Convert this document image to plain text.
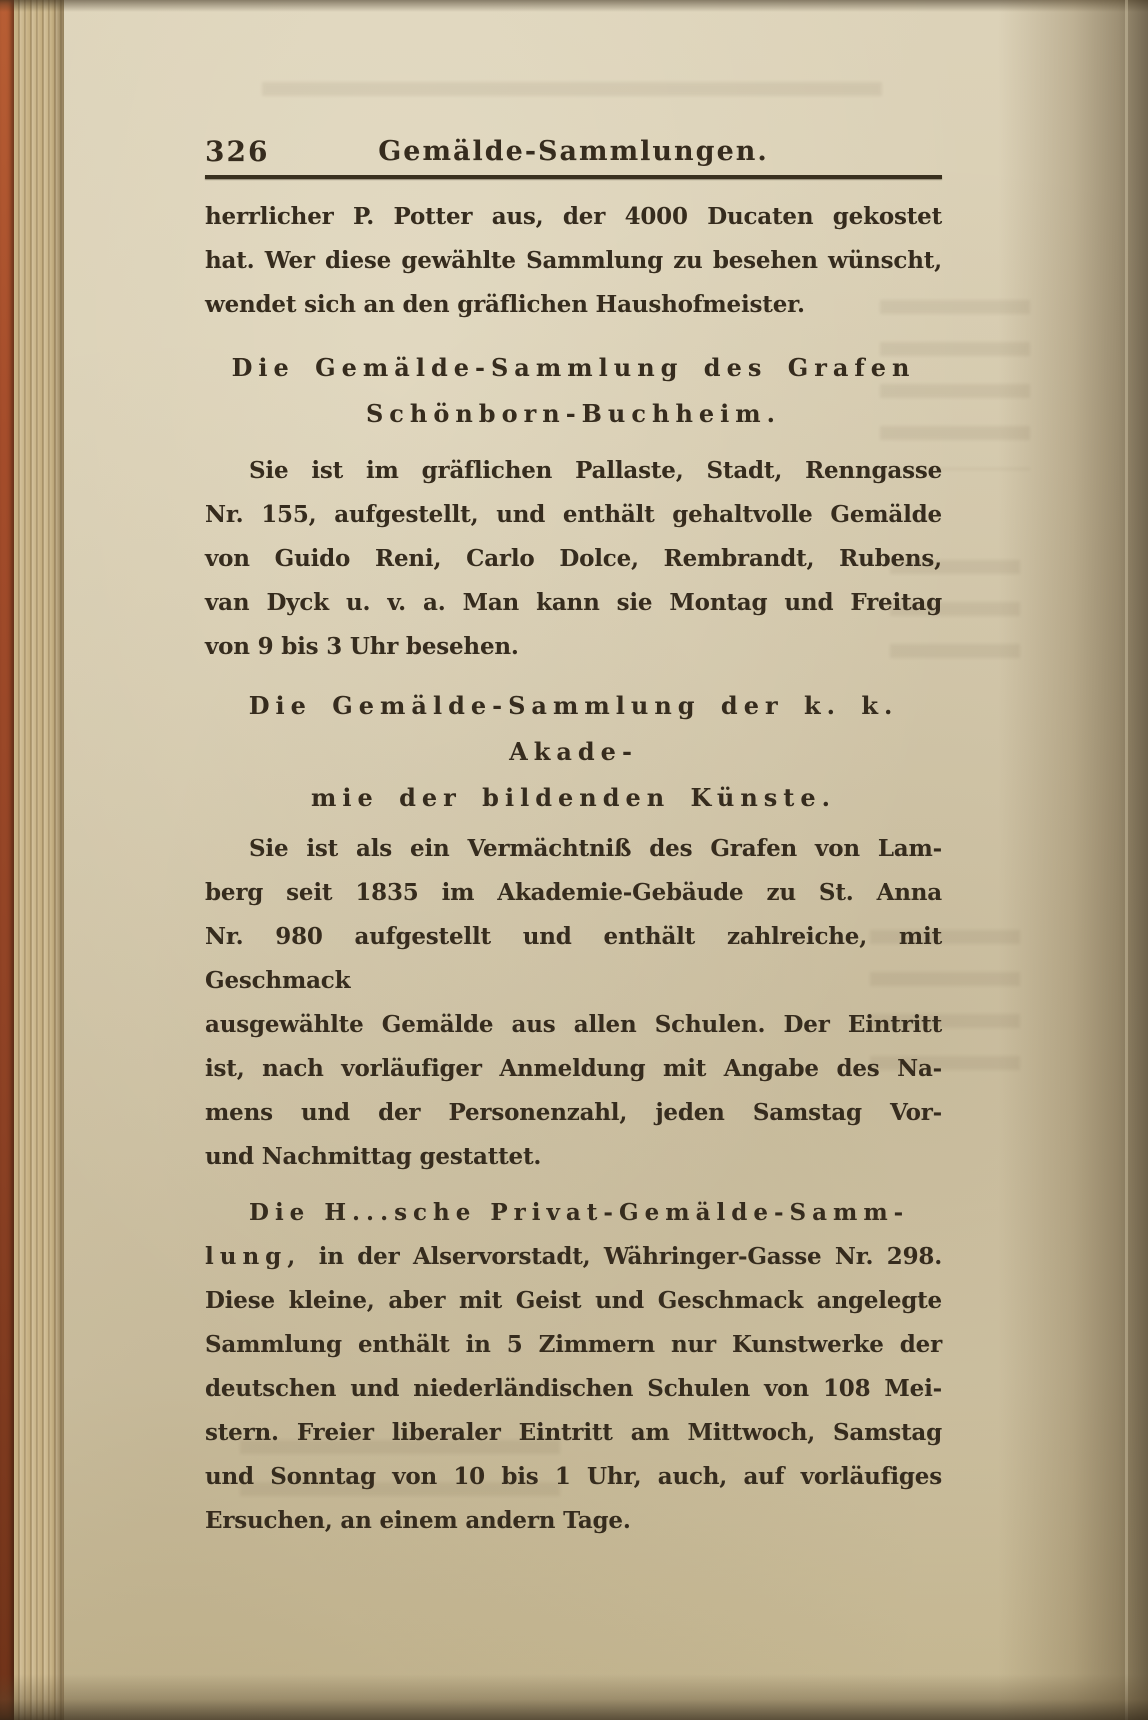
326	Gemälde-Sammlungen.
herrlicher P. Potter aus, der 4000 Ducaten gekostet
hat. Wer diese gewählte Sammlung zu besehen wünscht,
wendet sich an den gräflichen Haushofmeister.
Die Gemälde-Sammlung des Grafen
Schönborn-Buchheim.
Sie ist im gräflichen Pallaste, Stadt, Renngasse
Nr. 155, aufgestellt, und enthält gehaltvolle Gemälde
von Guido Reni, Carlo Dolce, Rembrandt, Rubens,
van Dyck u. v. a. Man kann sie Montag und Freitag
von 9 bis 3 Uhr besehen.
Die Gemälde-Sammlung der k. k. Akade-
mie der bildenden Künste.
Sie ist als ein Vermächtniß des Grafen von Lam-
berg seit 1835 im Akademie-Gebäude zu St. Anna
Nr. 980 aufgestellt und enthält zahlreiche, mit Geschmack
ausgewählte Gemälde aus allen Schulen. Der Eintritt
ist, nach vorläufiger Anmeldung mit Angabe des Na-
mens und der Personenzahl, jeden Samstag Vor-
und Nachmittag gestattet.
Die H...sche Privat-Gemälde-Samm-
lung, in der Alservorstadt, Währinger-Gasse Nr. 298.
Diese kleine, aber mit Geist und Geschmack angelegte
Sammlung enthält in 5 Zimmern nur Kunstwerke der
deutschen und niederländischen Schulen von 108 Mei-
stern. Freier liberaler Eintritt am Mittwoch, Samstag
und Sonntag von 10 bis 1 Uhr, auch, auf vorläufiges
Ersuchen, an einem andern Tage.
